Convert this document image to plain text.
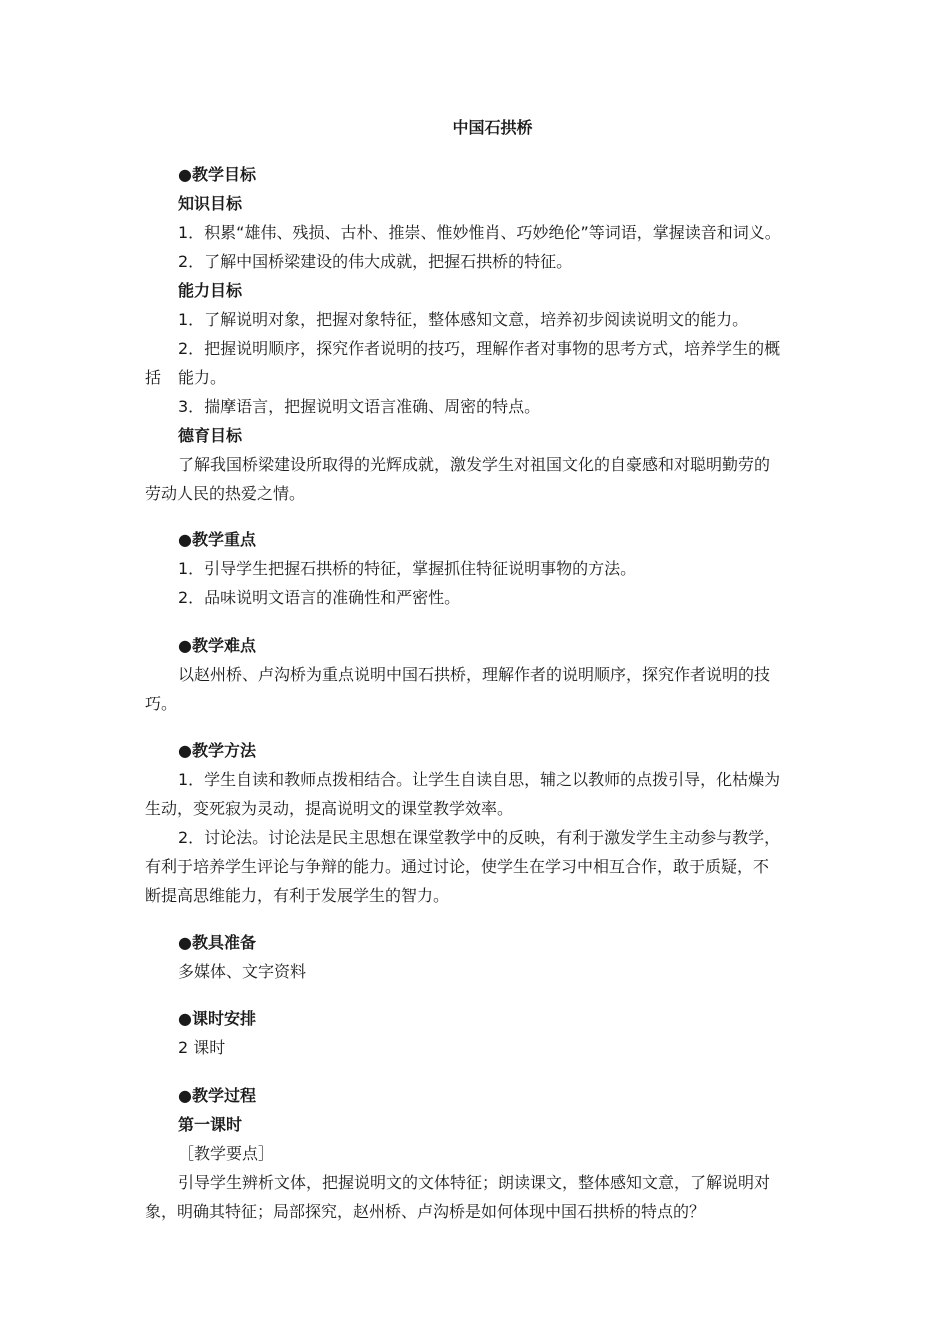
中国石拱桥
●教学目标
知识目标
1．积累“雄伟、残损、古朴、推崇、惟妙惟肖、巧妙绝伦”等词语，掌握读音和词义。
2．了解中国桥梁建设的伟大成就，把握石拱桥的特征。
能力目标
1．了解说明对象，把握对象特征，整体感知文意，培养初步阅读说明文的能力。
2．把握说明顺序，探究作者说明的技巧，理解作者对事物的思考方式，培养学生的概
括 能力。
3．揣摩语言，把握说明文语言准确、周密的特点。
德育目标
了解我国桥梁建设所取得的光辉成就，激发学生对祖国文化的自豪感和对聪明勤劳的
劳动人民的热爱之情。
●教学重点
1．引导学生把握石拱桥的特征，掌握抓住特征说明事物的方法。
2．品味说明文语言的准确性和严密性。
●教学难点
以赵州桥、卢沟桥为重点说明中国石拱桥，理解作者的说明顺序，探究作者说明的技
巧。
●教学方法
1．学生自读和教师点拨相结合。让学生自读自思，辅之以教师的点拨引导，化枯燥为
生动，变死寂为灵动，提高说明文的课堂教学效率。
2．讨论法。讨论法是民主思想在课堂教学中的反映，有利于激发学生主动参与教学，
有利于培养学生评论与争辩的能力。通过讨论，使学生在学习中相互合作，敢于质疑，不
断提高思维能力，有利于发展学生的智力。
●教具准备
多媒体、文字资料
●课时安排
2 课时
●教学过程
第一课时
［教学要点］
引导学生辨析文体，把握说明文的文体特征；朗读课文，整体感知文意，了解说明对
象，明确其特征；局部探究，赵州桥、卢沟桥是如何体现中国石拱桥的特点的？
